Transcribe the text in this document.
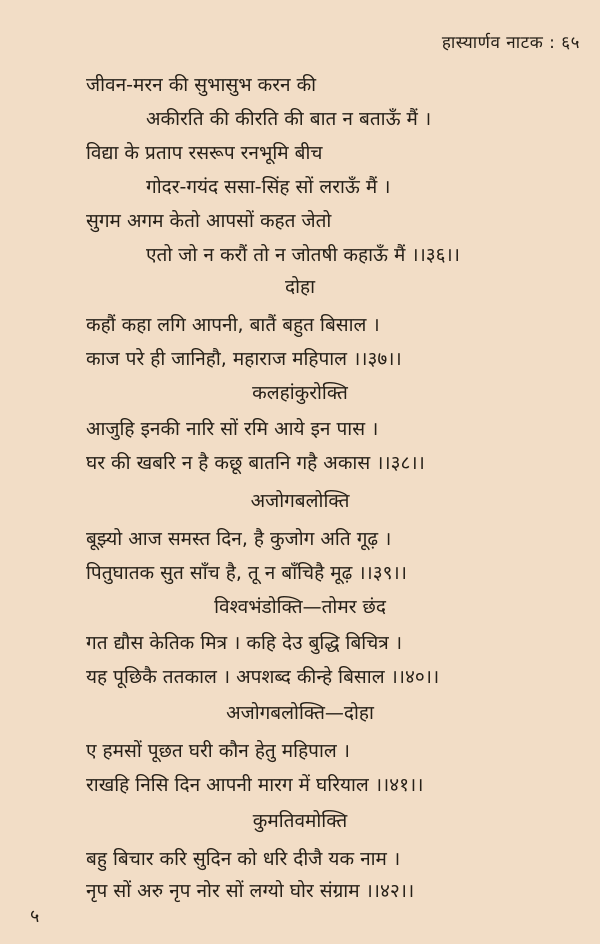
हास्यार्णव नाटक : ६५
जीवन-मरन की सुभासुभ करन की
अकीरति की कीरति की बात न बताऊँ मैं ।
विद्या के प्रताप रसरूप रनभूमि बीच
गोदर-गयंद ससा-सिंह सों लराऊँ मैं ।
सुगम अगम केतो आपसों कहत जेतो
एतो जो न करौं तो न जोतषी कहाऊँ मैं ।।३६।।
दोहा
कहौं कहा लगि आपनी, बातैं बहुत बिसाल ।
काज परे ही जानिहौ, महाराज महिपाल ।।३७।।
कलहांकुरोक्ति
आजुहि इनकी नारि सों रमि आये इन पास ।
घर की खबरि न है कछू बातनि गहै अकास ।।३८।।
अजोगबलोक्ति
बूझ्यो आज समस्त दिन, है कुजोग अति गूढ़ ।
पितुघातक सुत साँच है, तू न बाँचिहै मूढ़ ।।३९।।
विश्वभंडोक्ति—तोमर छंद
गत द्यौस केतिक मित्र । कहि देउ बुद्धि बिचित्र ।
यह पूछिकै ततकाल । अपशब्द कीन्हे बिसाल ।।४०।।
अजोगबलोक्ति—दोहा
ए हमसों पूछत घरी कौन हेतु महिपाल ।
राखहि निसि दिन आपनी मारग में घरियाल ।।४१।।
कुमतिवमोक्ति
बहु बिचार करि सुदिन को धरि दीजै यक नाम ।
नृप सों अरु नृप नोर सों लग्यो घोर संग्राम ।।४२।।
५
